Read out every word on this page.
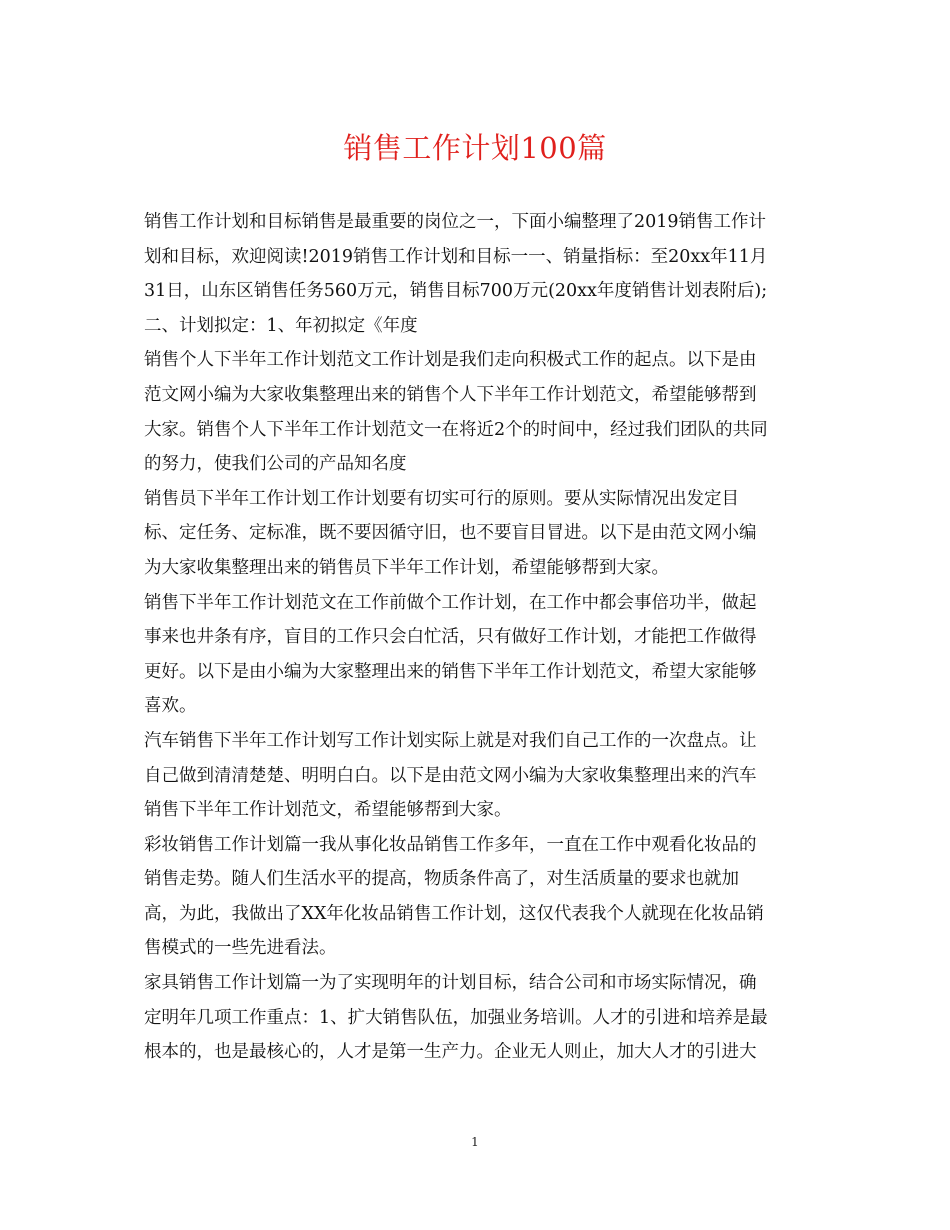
销售工作计划100篇
销售工作计划和目标销售是最重要的岗位之一，下面小编整理了2019销售工作计
划和目标，欢迎阅读!2019销售工作计划和目标一一、销量指标：至20xx年11月
31日，山东区销售任务560万元，销售目标700万元(20xx年度销售计划表附后);
二、计划拟定：1、年初拟定《年度
销售个人下半年工作计划范文工作计划是我们走向积极式工作的起点。以下是由
范文网小编为大家收集整理出来的销售个人下半年工作计划范文，希望能够帮到
大家。销售个人下半年工作计划范文一在将近2个的时间中，经过我们团队的共同
的努力，使我们公司的产品知名度
销售员下半年工作计划工作计划要有切实可行的原则。要从实际情况出发定目
标、定任务、定标准，既不要因循守旧，也不要盲目冒进。以下是由范文网小编
为大家收集整理出来的销售员下半年工作计划，希望能够帮到大家。
销售下半年工作计划范文在工作前做个工作计划，在工作中都会事倍功半，做起
事来也井条有序，盲目的工作只会白忙活，只有做好工作计划，才能把工作做得
更好。以下是由小编为大家整理出来的销售下半年工作计划范文，希望大家能够
喜欢。
汽车销售下半年工作计划写工作计划实际上就是对我们自己工作的一次盘点。让
自己做到清清楚楚、明明白白。以下是由范文网小编为大家收集整理出来的汽车
销售下半年工作计划范文，希望能够帮到大家。
彩妆销售工作计划篇一我从事化妆品销售工作多年，一直在工作中观看化妆品的
销售走势。随人们生活水平的提高，物质条件高了，对生活质量的要求也就加
高，为此，我做出了XX年化妆品销售工作计划，这仅代表我个人就现在化妆品销
售模式的一些先进看法。
家具销售工作计划篇一为了实现明年的计划目标，结合公司和市场实际情况，确
定明年几项工作重点：1、扩大销售队伍，加强业务培训。人才的引进和培养是最
根本的，也是最核心的，人才是第一生产力。企业无人则止，加大人才的引进大
1
